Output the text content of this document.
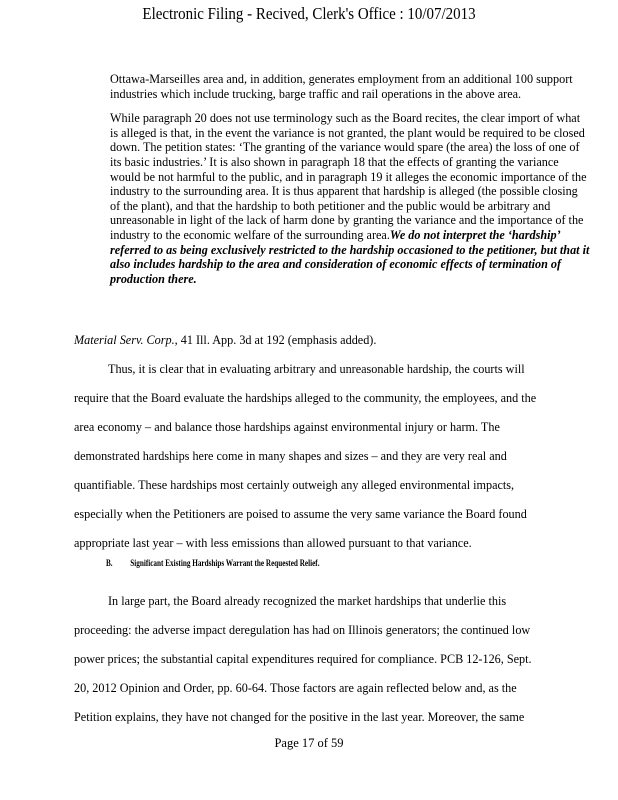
Electronic Filing - Recived, Clerk's Office : 10/07/2013

Ottawa-Marseilles area and, in addition, generates employment from an additional 100 support industries which include trucking, barge traffic and rail operations in the above area.

While paragraph 20 does not use terminology such as the Board recites, the clear import of what is alleged is that, in the event the variance is not granted, the plant would be required to be closed down. The petition states: ‘The granting of the variance would spare (the area) the loss of one of its basic industries.’ It is also shown in paragraph 18 that the effects of granting the variance would be not harmful to the public, and in paragraph 19 it alleges the economic importance of the industry to the surrounding area. It is thus apparent that hardship is alleged (the possible closing of the plant), and that the hardship to both petitioner and the public would be arbitrary and unreasonable in light of the lack of harm done by granting the variance and the importance of the industry to the economic welfare of the surrounding area.We do not interpret the ‘hardship’ referred to as being exclusively restricted to the hardship occasioned to the petitioner, but that it also includes hardship to the area and consideration of economic effects of termination of production there.

Material Serv. Corp., 41 Ill. App. 3d at 192 (emphasis added).
Thus, it is clear that in evaluating arbitrary and unreasonable hardship, the courts will
require that the Board evaluate the hardships alleged to the community, the employees, and the
area economy – and balance those hardships against environmental injury or harm. The
demonstrated hardships here come in many shapes and sizes – and they are very real and
quantifiable. These hardships most certainly outweigh any alleged environmental impacts,
especially when the Petitioners are poised to assume the very same variance the Board found
appropriate last year – with less emissions than allowed pursuant to that variance.
B. Significant Existing Hardships Warrant the Requested Relief.
In large part, the Board already recognized the market hardships that underlie this
proceeding: the adverse impact deregulation has had on Illinois generators; the continued low
power prices; the substantial capital expenditures required for compliance. PCB 12-126, Sept.
20, 2012 Opinion and Order, pp. 60-64. Those factors are again reflected below and, as the
Petition explains, they have not changed for the positive in the last year. Moreover, the same
Page 17 of 59
